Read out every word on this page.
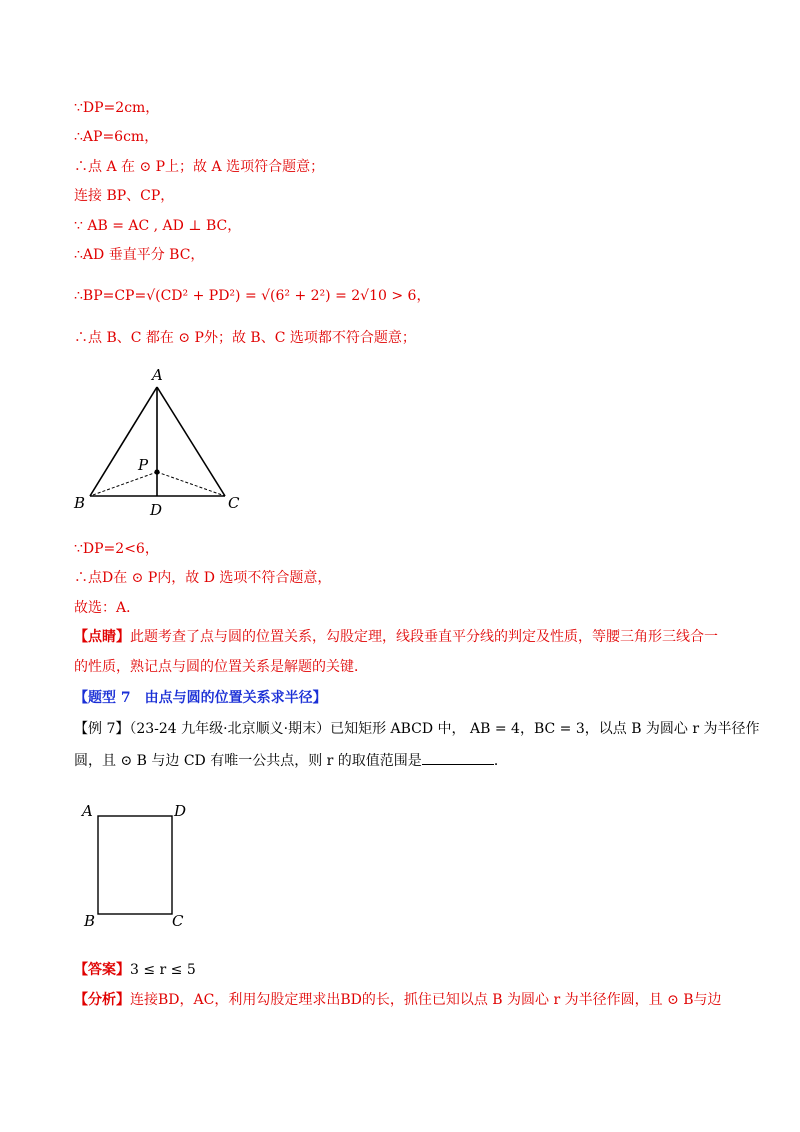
∵DP=2cm，
∴AP=6cm，
∴点 A 在 ⊙ P上；故 A 选项符合题意；
连接 BP、CP，
∵ AB = AC , AD ⊥ BC，
∴AD 垂直平分 BC，
∴BP=CP=√(CD² + PD²) = √(6² + 2²) = 2√10 > 6，
∴点 B、C 都在 ⊙ P外；故 B、C 选项都不符合题意；
A
P
B	D	C
∵DP=2<6，
∴点D在 ⊙ P内，故 D 选项不符合题意，
故选：A．
【点睛】此题考查了点与圆的位置关系，勾股定理，线段垂直平分线的判定及性质，等腰三角形三线合一
的性质，熟记点与圆的位置关系是解题的关键．
【题型 7　由点与圆的位置关系求半径】
【例 7】（23-24 九年级·北京顺义·期末）已知矩形 ABCD 中， AB = 4，BC = 3，以点 B 为圆心 r 为半径作
圆，且 ⊙ B 与边 CD 有唯一公共点，则 r 的取值范围是	．
A	D
B	C
【答案】3 ≤ r ≤ 5
【分析】连接BD，AC，利用勾股定理求出BD的长，抓住已知以点 B 为圆心 r 为半径作圆，且 ⊙ B与边
